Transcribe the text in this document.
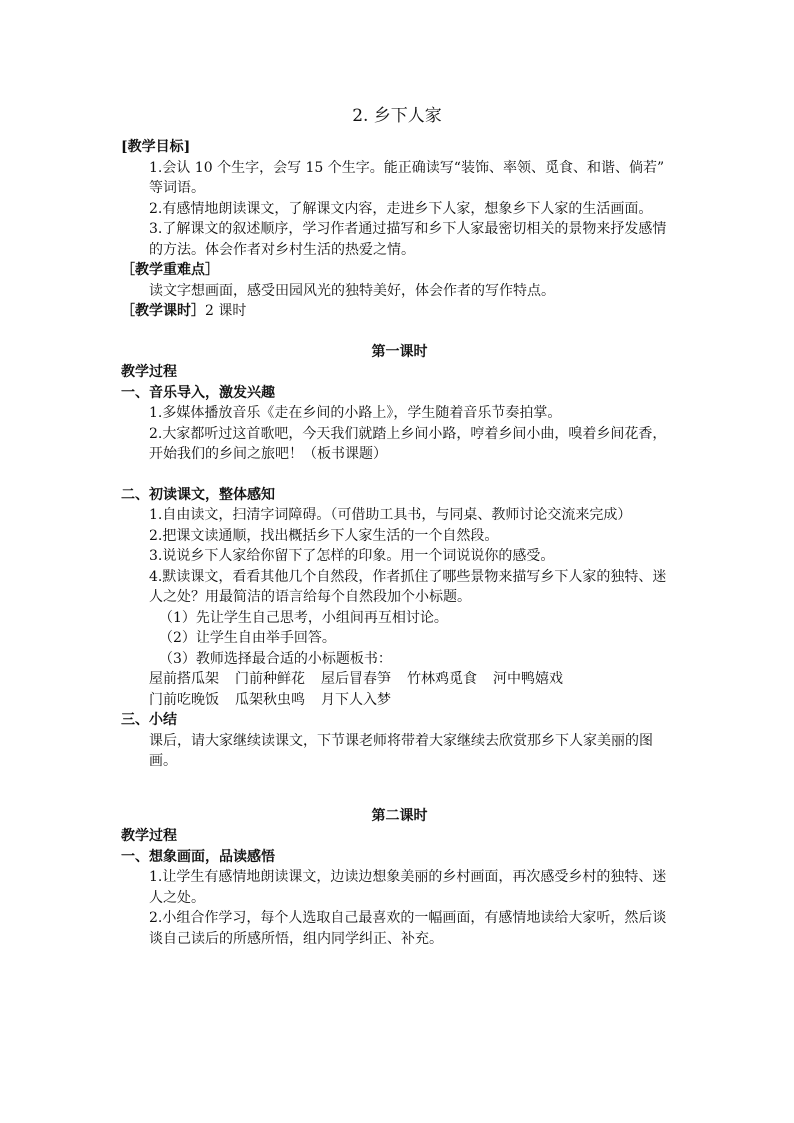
2. 乡下人家

[教学目标]

1.会认 10 个生字，会写 15 个生字。能正确读写“装饰、率领、觅食、和谐、倘若” 等词语。

2.有感情地朗读课文，了解课文内容，走进乡下人家，想象乡下人家的生活画面。

3.了解课文的叙述顺序，学习作者通过描写和乡下人家最密切相关的景物来抒发感情的方法。体会作者对乡村生活的热爱之情。

［教学重难点］

读文字想画面，感受田园风光的独特美好，体会作者的写作特点。

［教学课时］2 课时

第一课时

教学过程

一、音乐导入，激发兴趣

1.多媒体播放音乐《走在乡间的小路上》，学生随着音乐节奏拍掌。

2.大家都听过这首歌吧，今天我们就踏上乡间小路，哼着乡间小曲，嗅着乡间花香，开始我们的乡间之旅吧！（板书课题）

二、初读课文，整体感知

1.自由读文，扫清字词障碍。（可借助工具书，与同桌、教师讨论交流来完成）

2.把课文读通顺，找出概括乡下人家生活的一个自然段。

3.说说乡下人家给你留下了怎样的印象。用一个词说说你的感受。

4.默读课文，看看其他几个自然段，作者抓住了哪些景物来描写乡下人家的独特、迷人之处？用最简洁的语言给每个自然段加个小标题。

（1）先让学生自己思考，小组间再互相讨论。

（2）让学生自由举手回答。

（3）教师选择最合适的小标题板书：

屋前搭瓜架 门前种鲜花 屋后冒春笋 竹林鸡觅食 河中鸭嬉戏

门前吃晚饭 瓜架秋虫鸣 月下人入梦

三、小结

课后，请大家继续读课文，下节课老师将带着大家继续去欣赏那乡下人家美丽的图画。

第二课时

教学过程

一、想象画面，品读感悟

1.让学生有感情地朗读课文，边读边想象美丽的乡村画面，再次感受乡村的独特、迷人之处。

2.小组合作学习，每个人选取自己最喜欢的一幅画面，有感情地读给大家听，然后谈谈自己读后的所感所悟，组内同学纠正、补充。
